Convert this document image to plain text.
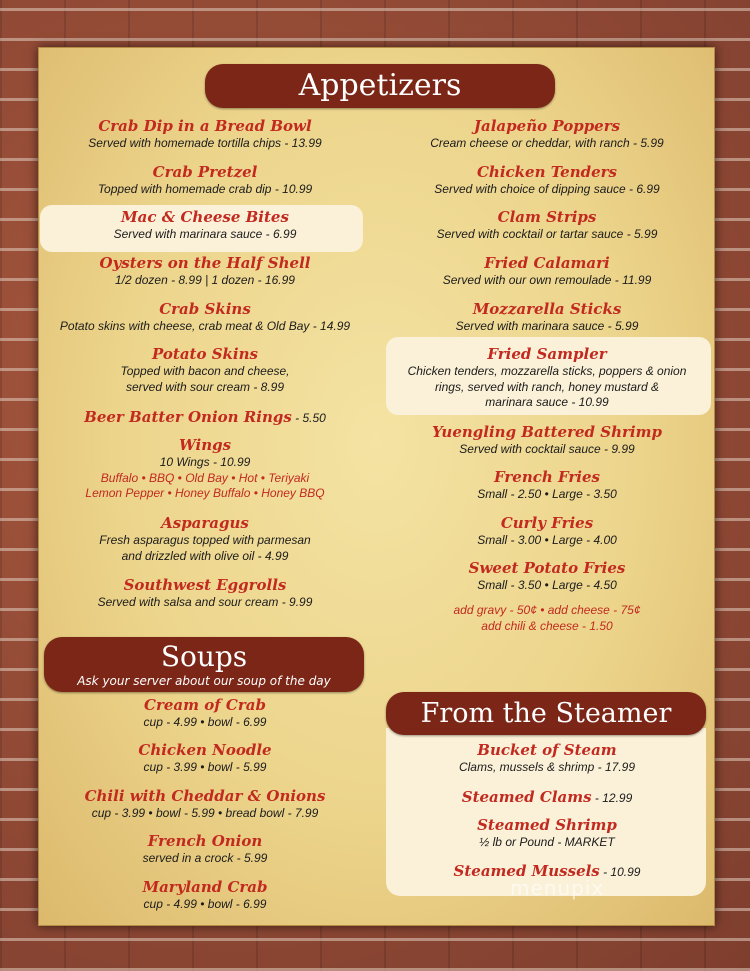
Appetizers
Soups
Ask your server about our soup of the day
From the Steamer
Crab Dip in a Bread Bowl
Served with homemade tortilla chips - 13.99
Crab Pretzel
Topped with homemade crab dip - 10.99
Mac & Cheese Bites
Served with marinara sauce - 6.99
Oysters on the Half Shell
1/2 dozen - 8.99 | 1 dozen - 16.99
Crab Skins
Potato skins with cheese, crab meat & Old Bay - 14.99
Potato Skins
Topped with bacon and cheese,
served with sour cream - 8.99
Beer Batter Onion Rings - 5.50
Wings
10 Wings - 10.99
Buffalo • BBQ • Old Bay • Hot • Teriyaki
Lemon Pepper • Honey Buffalo • Honey BBQ
Asparagus
Fresh asparagus topped with parmesan
and drizzled with olive oil - 4.99
Southwest Eggrolls
Served with salsa and sour cream - 9.99
Jalapeño Poppers
Cream cheese or cheddar, with ranch - 5.99
Chicken Tenders
Served with choice of dipping sauce - 6.99
Clam Strips
Served with cocktail or tartar sauce - 5.99
Fried Calamari
Served with our own remoulade - 11.99
Mozzarella Sticks
Served with marinara sauce - 5.99
Fried Sampler
Chicken tenders, mozzarella sticks, poppers & onion
rings, served with ranch, honey mustard &
marinara sauce - 10.99
Yuengling Battered Shrimp
Served with cocktail sauce - 9.99
French Fries
Small - 2.50 • Large - 3.50
Curly Fries
Small - 3.00 • Large - 4.00
Sweet Potato Fries
Small - 3.50 • Large - 4.50
add gravy - 50¢ • add cheese - 75¢
add chili & cheese - 1.50
Cream of Crab
cup - 4.99 • bowl - 6.99
Chicken Noodle
cup - 3.99 • bowl - 5.99
Chili with Cheddar & Onions
cup - 3.99 • bowl - 5.99 • bread bowl - 7.99
French Onion
served in a crock - 5.99
Maryland Crab
cup - 4.99 • bowl - 6.99
Bucket of Steam
Clams, mussels & shrimp - 17.99
Steamed Clams - 12.99
Steamed Shrimp
½ lb or Pound - MARKET
Steamed Mussels - 10.99
menupix
